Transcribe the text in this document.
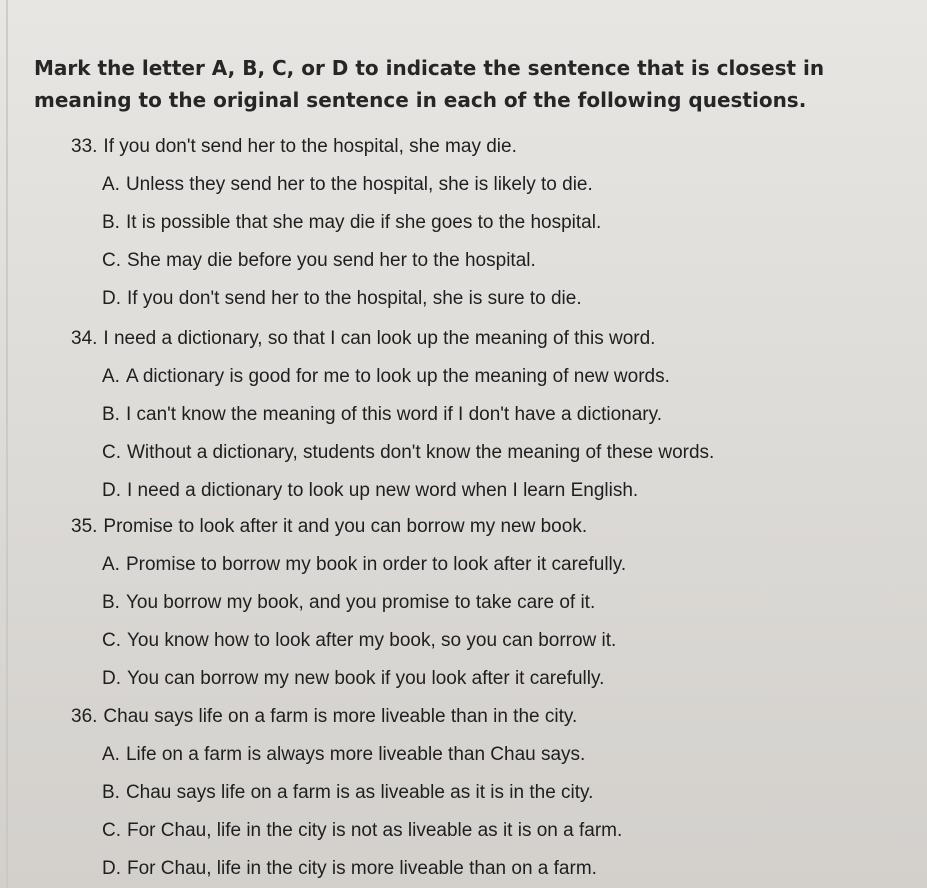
Mark the letter A, B, C, or D to indicate the sentence that is closest in meaning to the original sentence in each of the following questions.
33. If you don't send her to the hospital, she may die.
A. Unless they send her to the hospital, she is likely to die.
B. It is possible that she may die if she goes to the hospital.
C. She may die before you send her to the hospital.
D. If you don't send her to the hospital, she is sure to die.
34. I need a dictionary, so that I can look up the meaning of this word.
A. A dictionary is good for me to look up the meaning of new words.
B. I can't know the meaning of this word if I don't have a dictionary.
C. Without a dictionary, students don't know the meaning of these words.
D. I need a dictionary to look up new word when I learn English.
35. Promise to look after it and you can borrow my new book.
A. Promise to borrow my book in order to look after it carefully.
B. You borrow my book, and you promise to take care of it.
C. You know how to look after my book, so you can borrow it.
D. You can borrow my new book if you look after it carefully.
36. Chau says life on a farm is more liveable than in the city.
A. Life on a farm is always more liveable than Chau says.
B. Chau says life on a farm is as liveable as it is in the city.
C. For Chau, life in the city is not as liveable as it is on a farm.
D. For Chau, life in the city is more liveable than on a farm.
